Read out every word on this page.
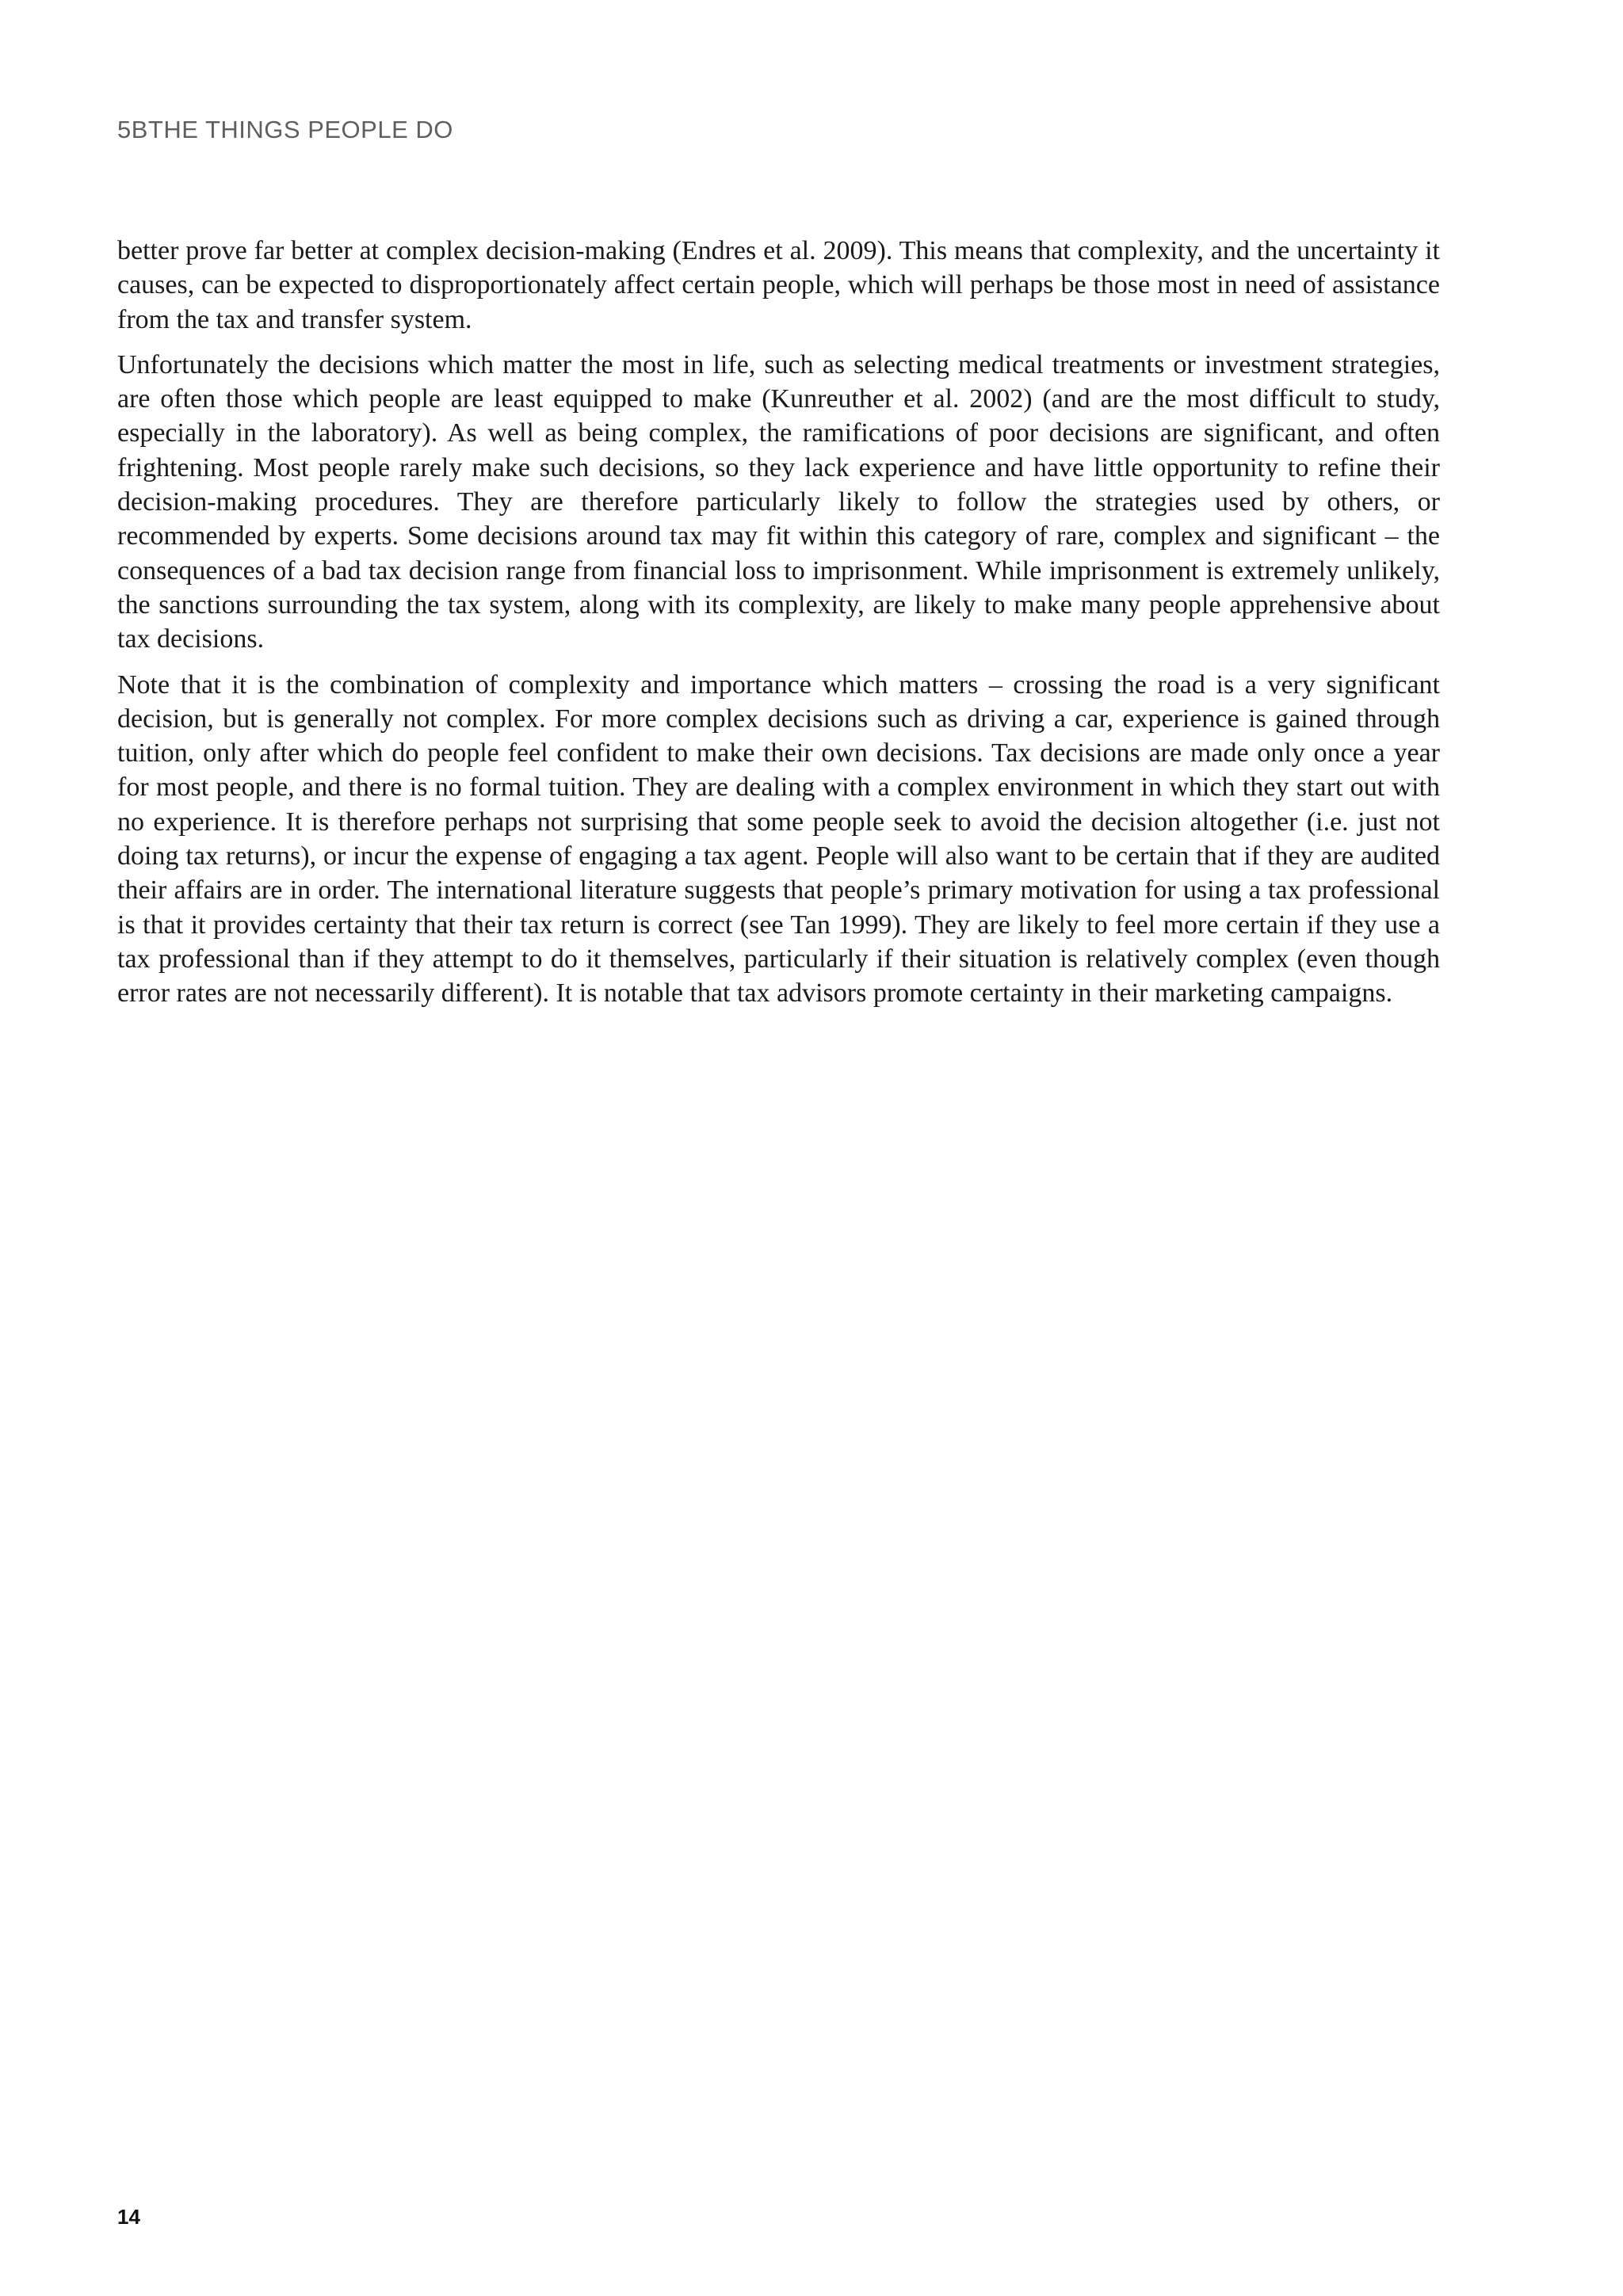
5BTHE THINGS PEOPLE DO

better prove far better at complex decision-making (Endres et al. 2009). This means that complexity, and the uncertainty it causes, can be expected to disproportionately affect certain people, which will perhaps be those most in need of assistance from the tax and transfer system.

Unfortunately the decisions which matter the most in life, such as selecting medical treatments or investment strategies, are often those which people are least equipped to make (Kunreuther et al. 2002) (and are the most difficult to study, especially in the laboratory). As well as being complex, the ramifications of poor decisions are significant, and often frightening. Most people rarely make such decisions, so they lack experience and have little opportunity to refine their decision-making procedures. They are therefore particularly likely to follow the strategies used by others, or recommended by experts. Some decisions around tax may fit within this category of rare, complex and significant – the consequences of a bad tax decision range from financial loss to imprisonment. While imprisonment is extremely unlikely, the sanctions surrounding the tax system, along with its complexity, are likely to make many people apprehensive about tax decisions.

Note that it is the combination of complexity and importance which matters – crossing the road is a very significant decision, but is generally not complex. For more complex decisions such as driving a car, experience is gained through tuition, only after which do people feel confident to make their own decisions. Tax decisions are made only once a year for most people, and there is no formal tuition. They are dealing with a complex environment in which they start out with no experience. It is therefore perhaps not surprising that some people seek to avoid the decision altogether (i.e. just not doing tax returns), or incur the expense of engaging a tax agent. People will also want to be certain that if they are audited their affairs are in order. The international literature suggests that people’s primary motivation for using a tax professional is that it provides certainty that their tax return is correct (see Tan 1999). They are likely to feel more certain if they use a tax professional than if they attempt to do it themselves, particularly if their situation is relatively complex (even though error rates are not necessarily different). It is notable that tax advisors promote certainty in their marketing campaigns.

14
